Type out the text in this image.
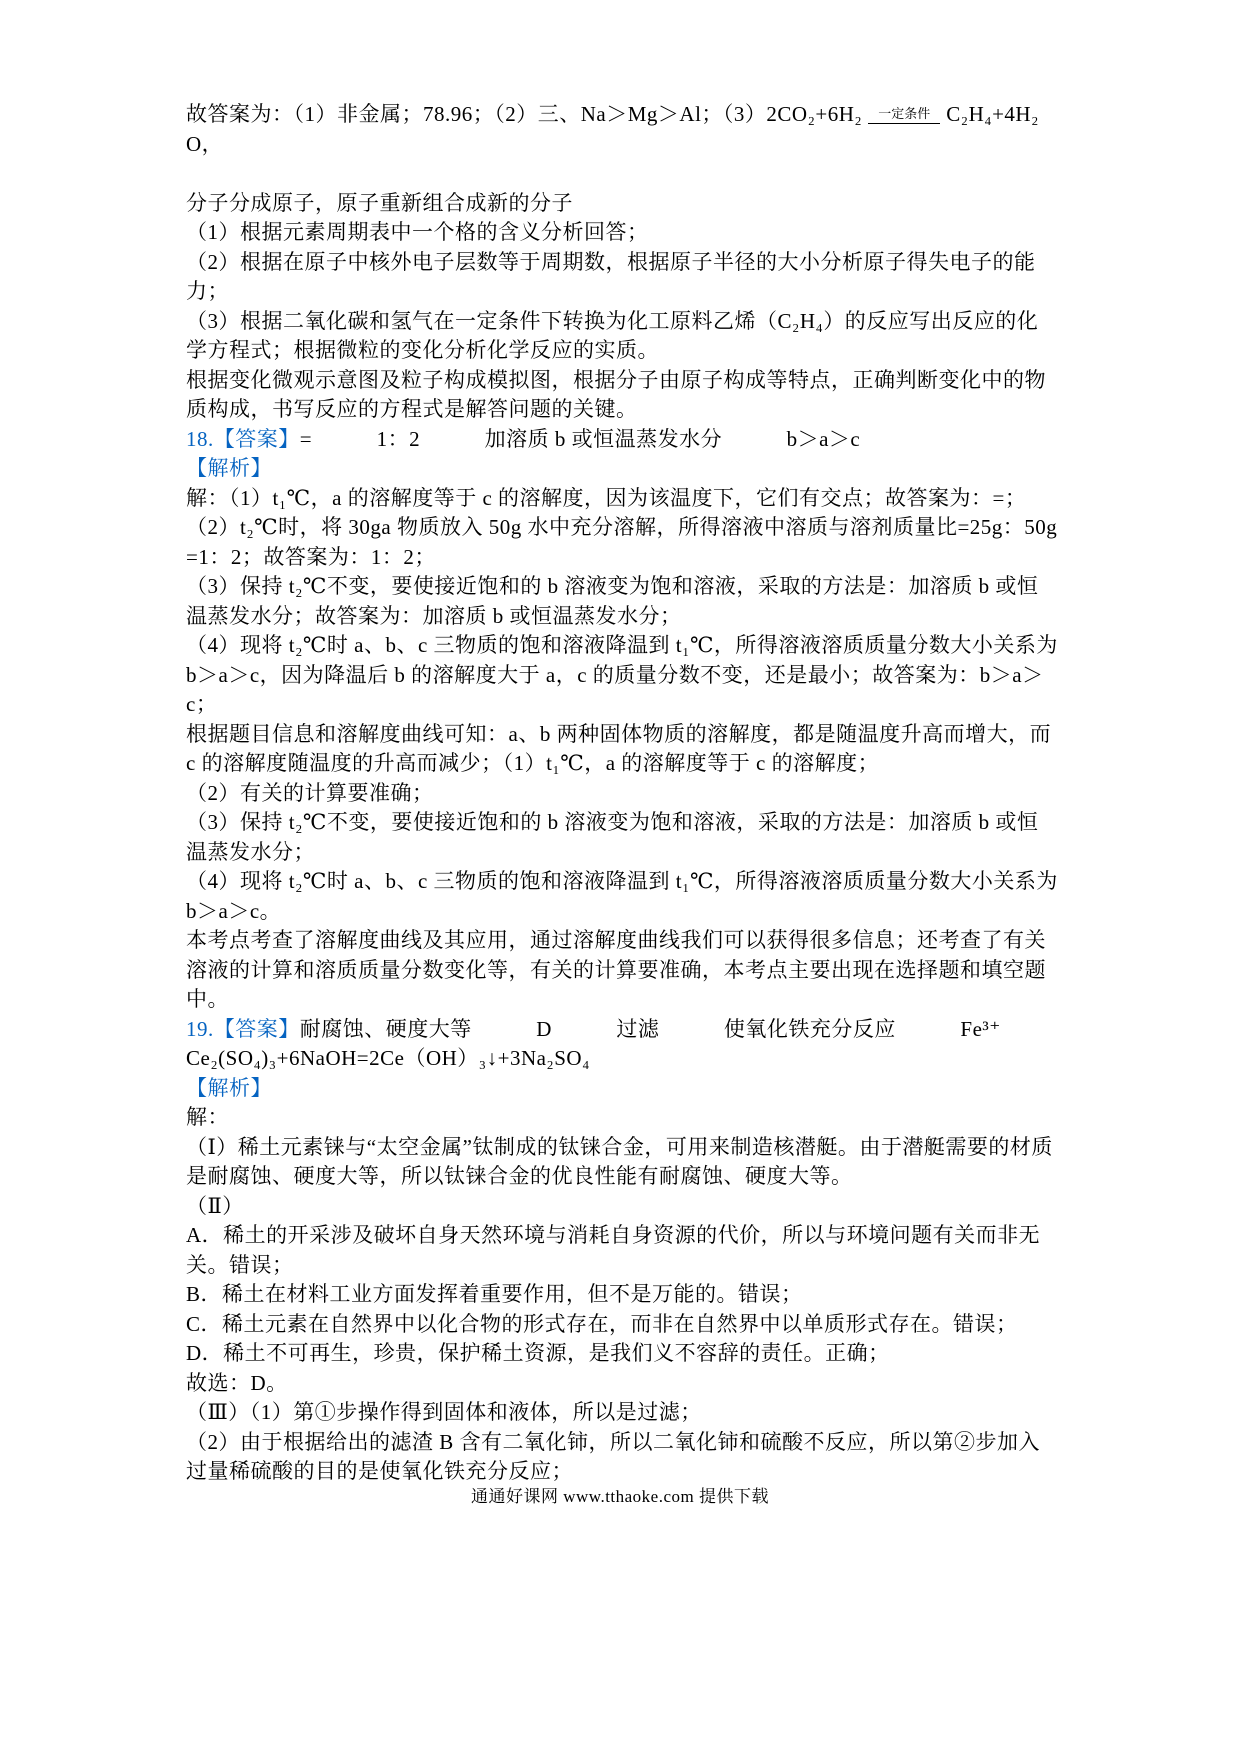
故答案为：（1）非金属；78.96；（2）三、Na＞Mg＞Al；（3）2CO₂+6H₂ 一定条件 C₂H₄+4H₂O，

分子分成原子，原子重新组合成新的分子

（1）根据元素周期表中一个格的含义分析回答；

（2）根据在原子中核外电子层数等于周期数，根据原子半径的大小分析原子得失电子的能力；

（3）根据二氧化碳和氢气在一定条件下转换为化工原料乙烯（C₂H₄）的反应写出反应的化学方程式；根据微粒的变化分析化学反应的实质。

根据变化微观示意图及粒子构成模拟图，根据分子由原子构成等特点，正确判断变化中的物质构成，书写反应的方程式是解答问题的关键。

18.【答案】=　　　1：2　　　加溶质 b 或恒温蒸发水分　　　b＞a＞c

【解析】

解：（1）t₁℃，a 的溶解度等于 c 的溶解度，因为该温度下，它们有交点；故答案为：=；

（2）t₂℃时，将 30ga 物质放入 50g 水中充分溶解，所得溶液中溶质与溶剂质量比=25g：50g=1：2；故答案为：1：2；

（3）保持 t₂℃不变，要使接近饱和的 b 溶液变为饱和溶液，采取的方法是：加溶质 b 或恒温蒸发水分；故答案为：加溶质 b 或恒温蒸发水分；

（4）现将 t₂℃时 a、b、c 三物质的饱和溶液降温到 t₁℃，所得溶液溶质质量分数大小关系为 b＞a＞c，因为降温后 b 的溶解度大于 a，c 的质量分数不变，还是最小；故答案为：b＞a＞c；

根据题目信息和溶解度曲线可知：a、b 两种固体物质的溶解度，都是随温度升高而增大，而 c 的溶解度随温度的升高而减少；（1）t₁℃，a 的溶解度等于 c 的溶解度；

（2）有关的计算要准确；

（3）保持 t₂℃不变，要使接近饱和的 b 溶液变为饱和溶液，采取的方法是：加溶质 b 或恒温蒸发水分；

（4）现将 t₂℃时 a、b、c 三物质的饱和溶液降温到 t₁℃，所得溶液溶质质量分数大小关系为 b＞a＞c。

本考点考查了溶解度曲线及其应用，通过溶解度曲线我们可以获得很多信息；还考查了有关溶液的计算和溶质质量分数变化等，有关的计算要准确，本考点主要出现在选择题和填空题中。

19.【答案】耐腐蚀、硬度大等　　　D　　　过滤　　　使氧化铁充分反应　　　Fe³⁺　　　Ce₂(SO₄)₃+6NaOH=2Ce（OH）₃↓+3Na₂SO₄

【解析】

解：

（Ⅰ）稀土元素铼与“太空金属”钛制成的钛铼合金，可用来制造核潜艇。由于潜艇需要的材质是耐腐蚀、硬度大等，所以钛铼合金的优良性能有耐腐蚀、硬度大等。

（Ⅱ）

A．稀土的开采涉及破坏自身天然环境与消耗自身资源的代价，所以与环境问题有关而非无关。错误；

B．稀土在材料工业方面发挥着重要作用，但不是万能的。错误；

C．稀土元素在自然界中以化合物的形式存在，而非在自然界中以单质形式存在。错误；

D．稀土不可再生，珍贵，保护稀土资源，是我们义不容辞的责任。正确；

故选：D。

（Ⅲ）（1）第①步操作得到固体和液体，所以是过滤；

（2）由于根据给出的滤渣 B 含有二氧化铈，所以二氧化铈和硫酸不反应，所以第②步加入过量稀硫酸的目的是使氧化铁充分反应；

通通好课网 www.tthaoke.com 提供下载
